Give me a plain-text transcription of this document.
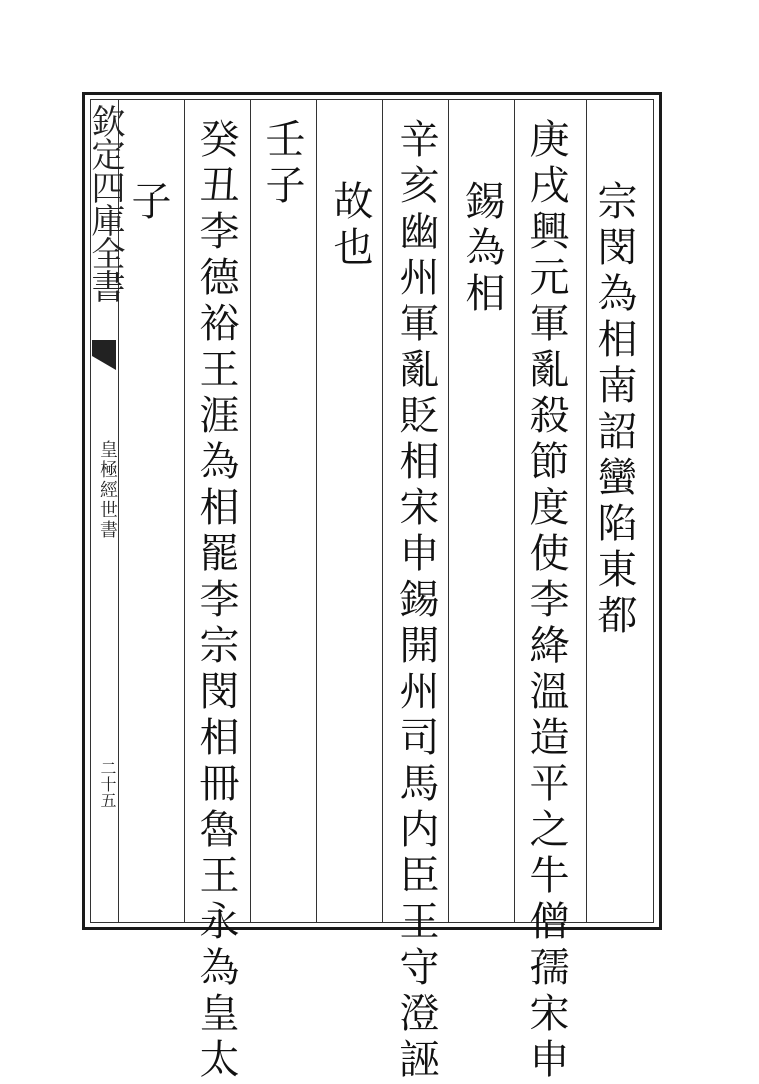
欽定四庫全書
皇極經世書
二十五
宗閔為相南詔蠻陷東都
庚戌興元軍亂殺節度使李絳溫造平之牛僧孺宋申
錫為相
辛亥幽州軍亂貶相宋申錫開州司馬内臣王守澄誣
故也
壬子
癸丑李德裕王涯為相罷李宗閔相冊魯王永為皇太
子
